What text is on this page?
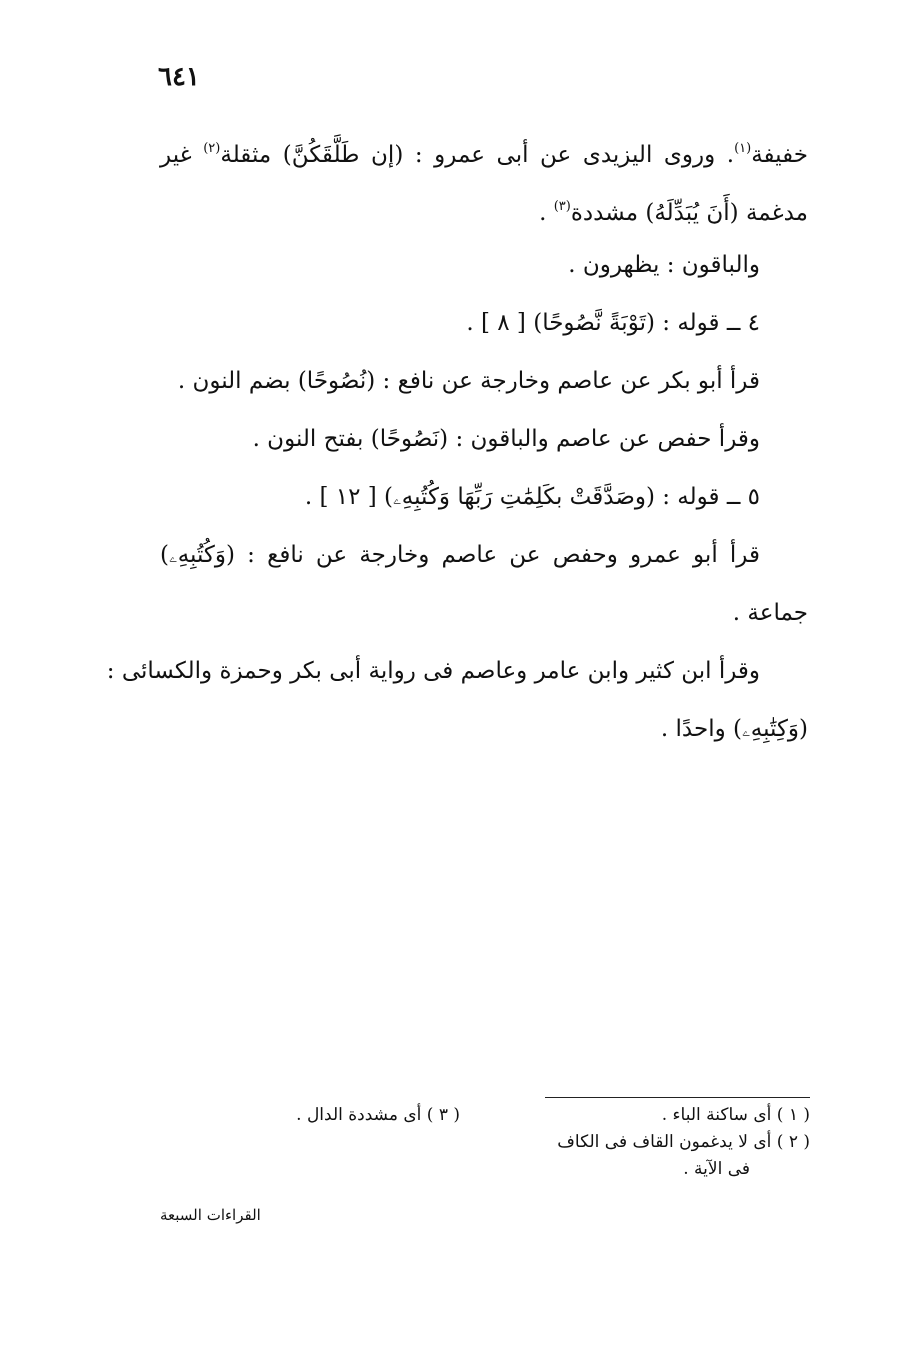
٦٤١
خفيفة$^{(١)}$. وروى اليزيدى عن أبى عمرو : (إن طَلَّقَكُنَّ) مثقلة$^{(٢)}$ غير
مدغمة (أَنَ يُبَدِّلَهُ) مشددة$^{(٣)}$ .
والباقون : يظهرون .
٤ ــ قوله : (تَوْبَةً نَّصُوحًا) [ ٨ ] .
قرأ أبو بكر عن عاصم وخارجة عن نافع : (نُصُوحًا) بضم النون .
وقرأ حفص عن عاصم والباقون : (نَصُوحًا) بفتح النون .
٥ ــ قوله : (وصَدَّقَتْ بكَلِمَٰتِ رَبِّهَا وَكُتُبِهِۦ) [ ١٢ ] .
قرأ أبو عمرو وحفص عن عاصم وخارجة عن نافع : (وَكُتُبِهِۦ)
جماعة .
وقرأ ابن كثير وابن عامر وعاصم فى رواية أبى بكر وحمزة والكسائى :
(وَكِتَٰبِهِۦ) واحدًا .
( ١ ) أى ساكنة الباء .
( ٢ ) أى لا يدغمون القاف فى الكاف
فى الآية .
( ٣ ) أى مشددة الدال .
القراءات السبعة
